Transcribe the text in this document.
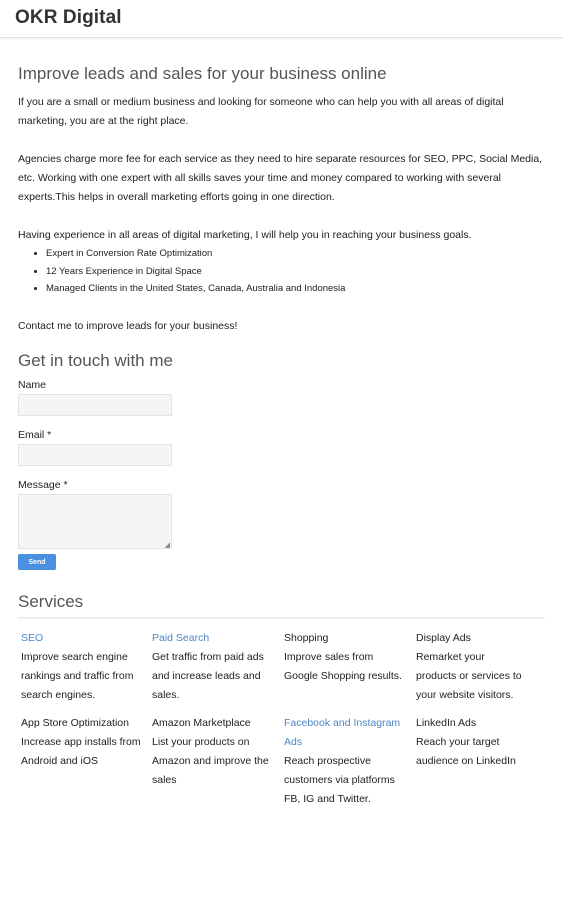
OKR Digital
Improve leads and sales for your business online

If you are a small or medium business and looking for someone who can help you with all areas of digital marketing, you are at the right place.

Agencies charge more fee for each service as they need to hire separate resources for SEO, PPC, Social Media, etc. Working with one expert with all skills saves your time and money compared to working with several experts.This helps in overall marketing efforts going in one direction.

Having experience in all areas of digital marketing, I will help you in reaching your business goals.

• Expert in Conversion Rate Optimization
• 12 Years Experience in Digital Space
• Managed Clients in the United States, Canada, Australia and Indonesia

Contact me to improve leads for your business!

Get in touch with me
Name
Email *
Message *
◢
Send
Services
SEO
Improve search engine rankings and traffic from search engines.
Paid Search
Get traffic from paid ads and increase leads and sales.
Shopping
Improve sales from Google Shopping results.
Display Ads
Remarket your products or services to your website visitors.
App Store Optimization
Increase app installs from Android and iOS
Amazon Marketplace
List your products on Amazon and improve the sales
Facebook and Instagram Ads
Reach prospective customers via platforms FB, IG and Twitter.
LinkedIn Ads
Reach your target audience on LinkedIn
